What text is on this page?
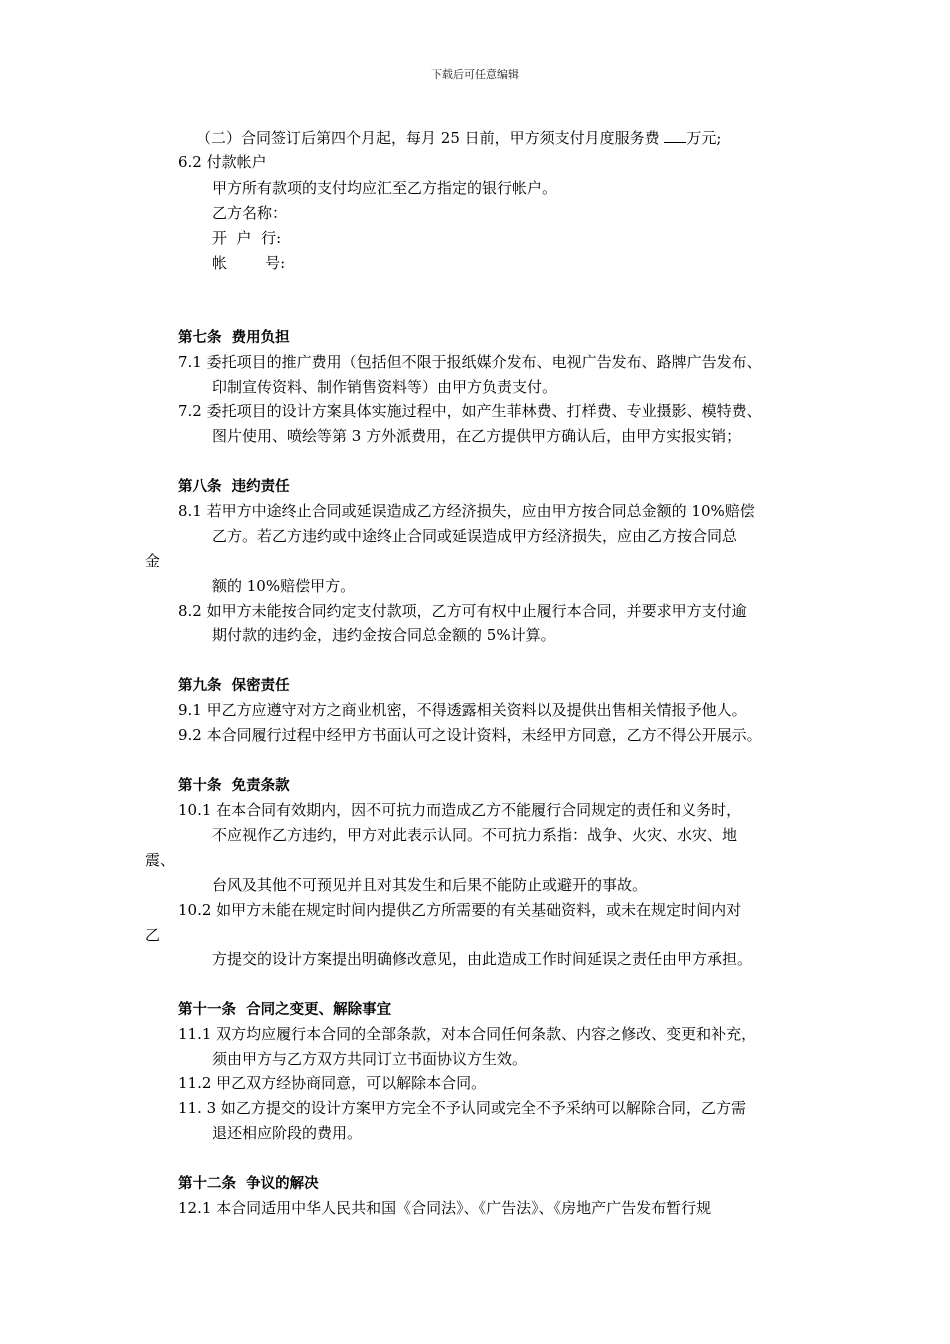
下载后可任意编辑
（二）合同签订后第四个月起，每月 25 日前，甲方须支付月度服务费 万元;
6.2 付款帐户
甲方所有款项的支付均应汇至乙方指定的银行帐户。
乙方名称：
开  户  行:
帐        号:
第七条  费用负担
7.1 委托项目的推广费用（包括但不限于报纸媒介发布、电视广告发布、路牌广告发布、
印制宣传资料、制作销售资料等）由甲方负责支付。
7.2 委托项目的设计方案具体实施过程中，如产生菲林费、打样费、专业摄影、模特费、
图片使用、喷绘等第 3 方外派费用，在乙方提供甲方确认后，由甲方实报实销；
第八条  违约责任
8.1 若甲方中途终止合同或延误造成乙方经济损失，应由甲方按合同总金额的 10%赔偿
乙方。若乙方违约或中途终止合同或延误造成甲方经济损失，应由乙方按合同总
金
额的 10%赔偿甲方。
8.2 如甲方未能按合同约定支付款项，乙方可有权中止履行本合同，并要求甲方支付逾
期付款的违约金，违约金按合同总金额的 5%计算。
第九条  保密责任
9.1 甲乙方应遵守对方之商业机密，不得透露相关资料以及提供出售相关情报予他人。
9.2 本合同履行过程中经甲方书面认可之设计资料，未经甲方同意，乙方不得公开展示。
第十条  免责条款
10.1 在本合同有效期内，因不可抗力而造成乙方不能履行合同规定的责任和义务时，
不应视作乙方违约，甲方对此表示认同。不可抗力系指：战争、火灾、水灾、地
震、
台风及其他不可预见并且对其发生和后果不能防止或避开的事故。
10.2 如甲方未能在规定时间内提供乙方所需要的有关基础资料，或未在规定时间内对
乙
方提交的设计方案提出明确修改意见，由此造成工作时间延误之责任由甲方承担。
第十一条  合同之变更、解除事宜
11.1 双方均应履行本合同的全部条款，对本合同任何条款、内容之修改、变更和补充，
须由甲方与乙方双方共同订立书面协议方生效。
11.2 甲乙双方经协商同意，可以解除本合同。
11. 3 如乙方提交的设计方案甲方完全不予认同或完全不予采纳可以解除合同，乙方需
退还相应阶段的费用。
第十二条  争议的解决
12.1 本合同适用中华人民共和国《合同法》、《广告法》、《房地产广告发布暂行规
